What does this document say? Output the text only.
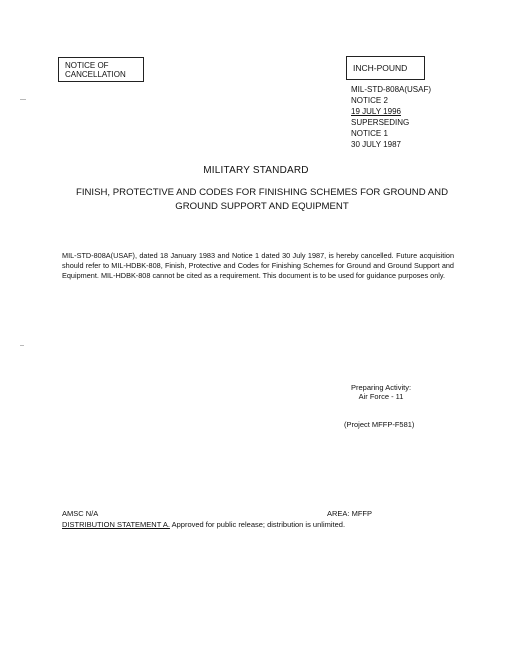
NOTICE OF
CANCELLATION
INCH-POUND
MIL-STD-808A(USAF)
NOTICE 2
19 JULY 1996
SUPERSEDING
NOTICE 1
30 JULY 1987
MILITARY STANDARD
FINISH, PROTECTIVE AND CODES FOR FINISHING SCHEMES FOR GROUND AND
GROUND SUPPORT AND EQUIPMENT
MIL-STD-808A(USAF), dated 18 January 1983 and Notice 1 dated 30 July 1987, is hereby cancelled. Future acquisition should refer to MIL-HDBK-808, Finish, Protective and Codes for Finishing Schemes for Ground and Ground Support and Equipment. MIL-HDBK-808 cannot be cited as a requirement. This document is to be used for guidance purposes only.
Preparing Activity:
Air Force - 11
(Project MFFP-F581)
AMSC N/A	AREA: MFFP
DISTRIBUTION STATEMENT A. Approved for public release; distribution is unlimited.
